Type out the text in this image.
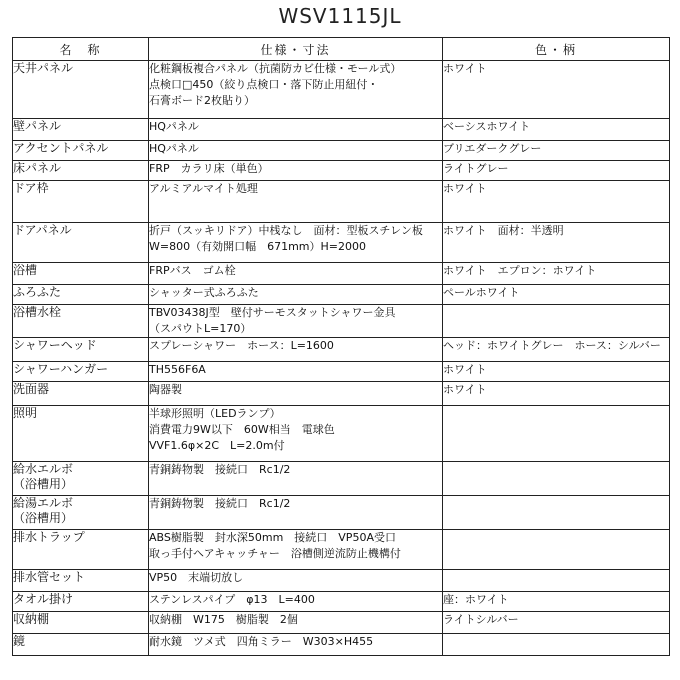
WSV1115JL
名　称	仕様・寸法	色・柄

天井パネル	化粧鋼板複合パネル（抗菌防カビ仕様・モール式）
点検口□450（絞り点検口・落下防止用紐付・
石膏ボード2枚貼り）	ホワイト

壁パネル	HQパネル	ベーシスホワイト

アクセントパネル	HQパネル	ブリエダークグレー

床パネル	FRP　カラリ床（単色）	ライトグレー

ドア枠	アルミアルマイト処理	ホワイト

ドアパネル	折戸（スッキリドア）中桟なし　面材：型板スチレン板
W=800（有効開口幅　671mm）H=2000	ホワイト　面材：半透明

浴槽	FRPバス　ゴム栓	ホワイト　エプロン：ホワイト

ふろふた	シャッター式ふろふた	ペールホワイト

浴槽水栓	TBV03438J型　壁付サーモスタットシャワー金具
（スパウトL=170）	

シャワーヘッド	スプレーシャワー　ホース：L=1600	ヘッド：ホワイトグレー　ホース：シルバー

シャワーハンガー	TH556F6A	ホワイト

洗面器	陶器製	ホワイト

照明	半球形照明（LEDランプ）
消費電力9W以下　60W相当　電球色
VVF1.6φ×2C　L=2.0m付	

給水エルボ
（浴槽用）	青銅鋳物製　接続口　Rc1/2	

給湯エルボ
（浴槽用）	青銅鋳物製　接続口　Rc1/2	

排水トラップ	ABS樹脂製　封水深50mm　接続口　VP50A受口
取っ手付ヘアキャッチャー　浴槽側逆流防止機構付	

排水管セット	VP50　末端切放し	

タオル掛け	ステンレスパイプ　φ13　L=400	座：ホワイト

収納棚	収納棚　W175　樹脂製　2個	ライトシルバー

鏡	耐水鏡　ツメ式　四角ミラー　W303×H455	
